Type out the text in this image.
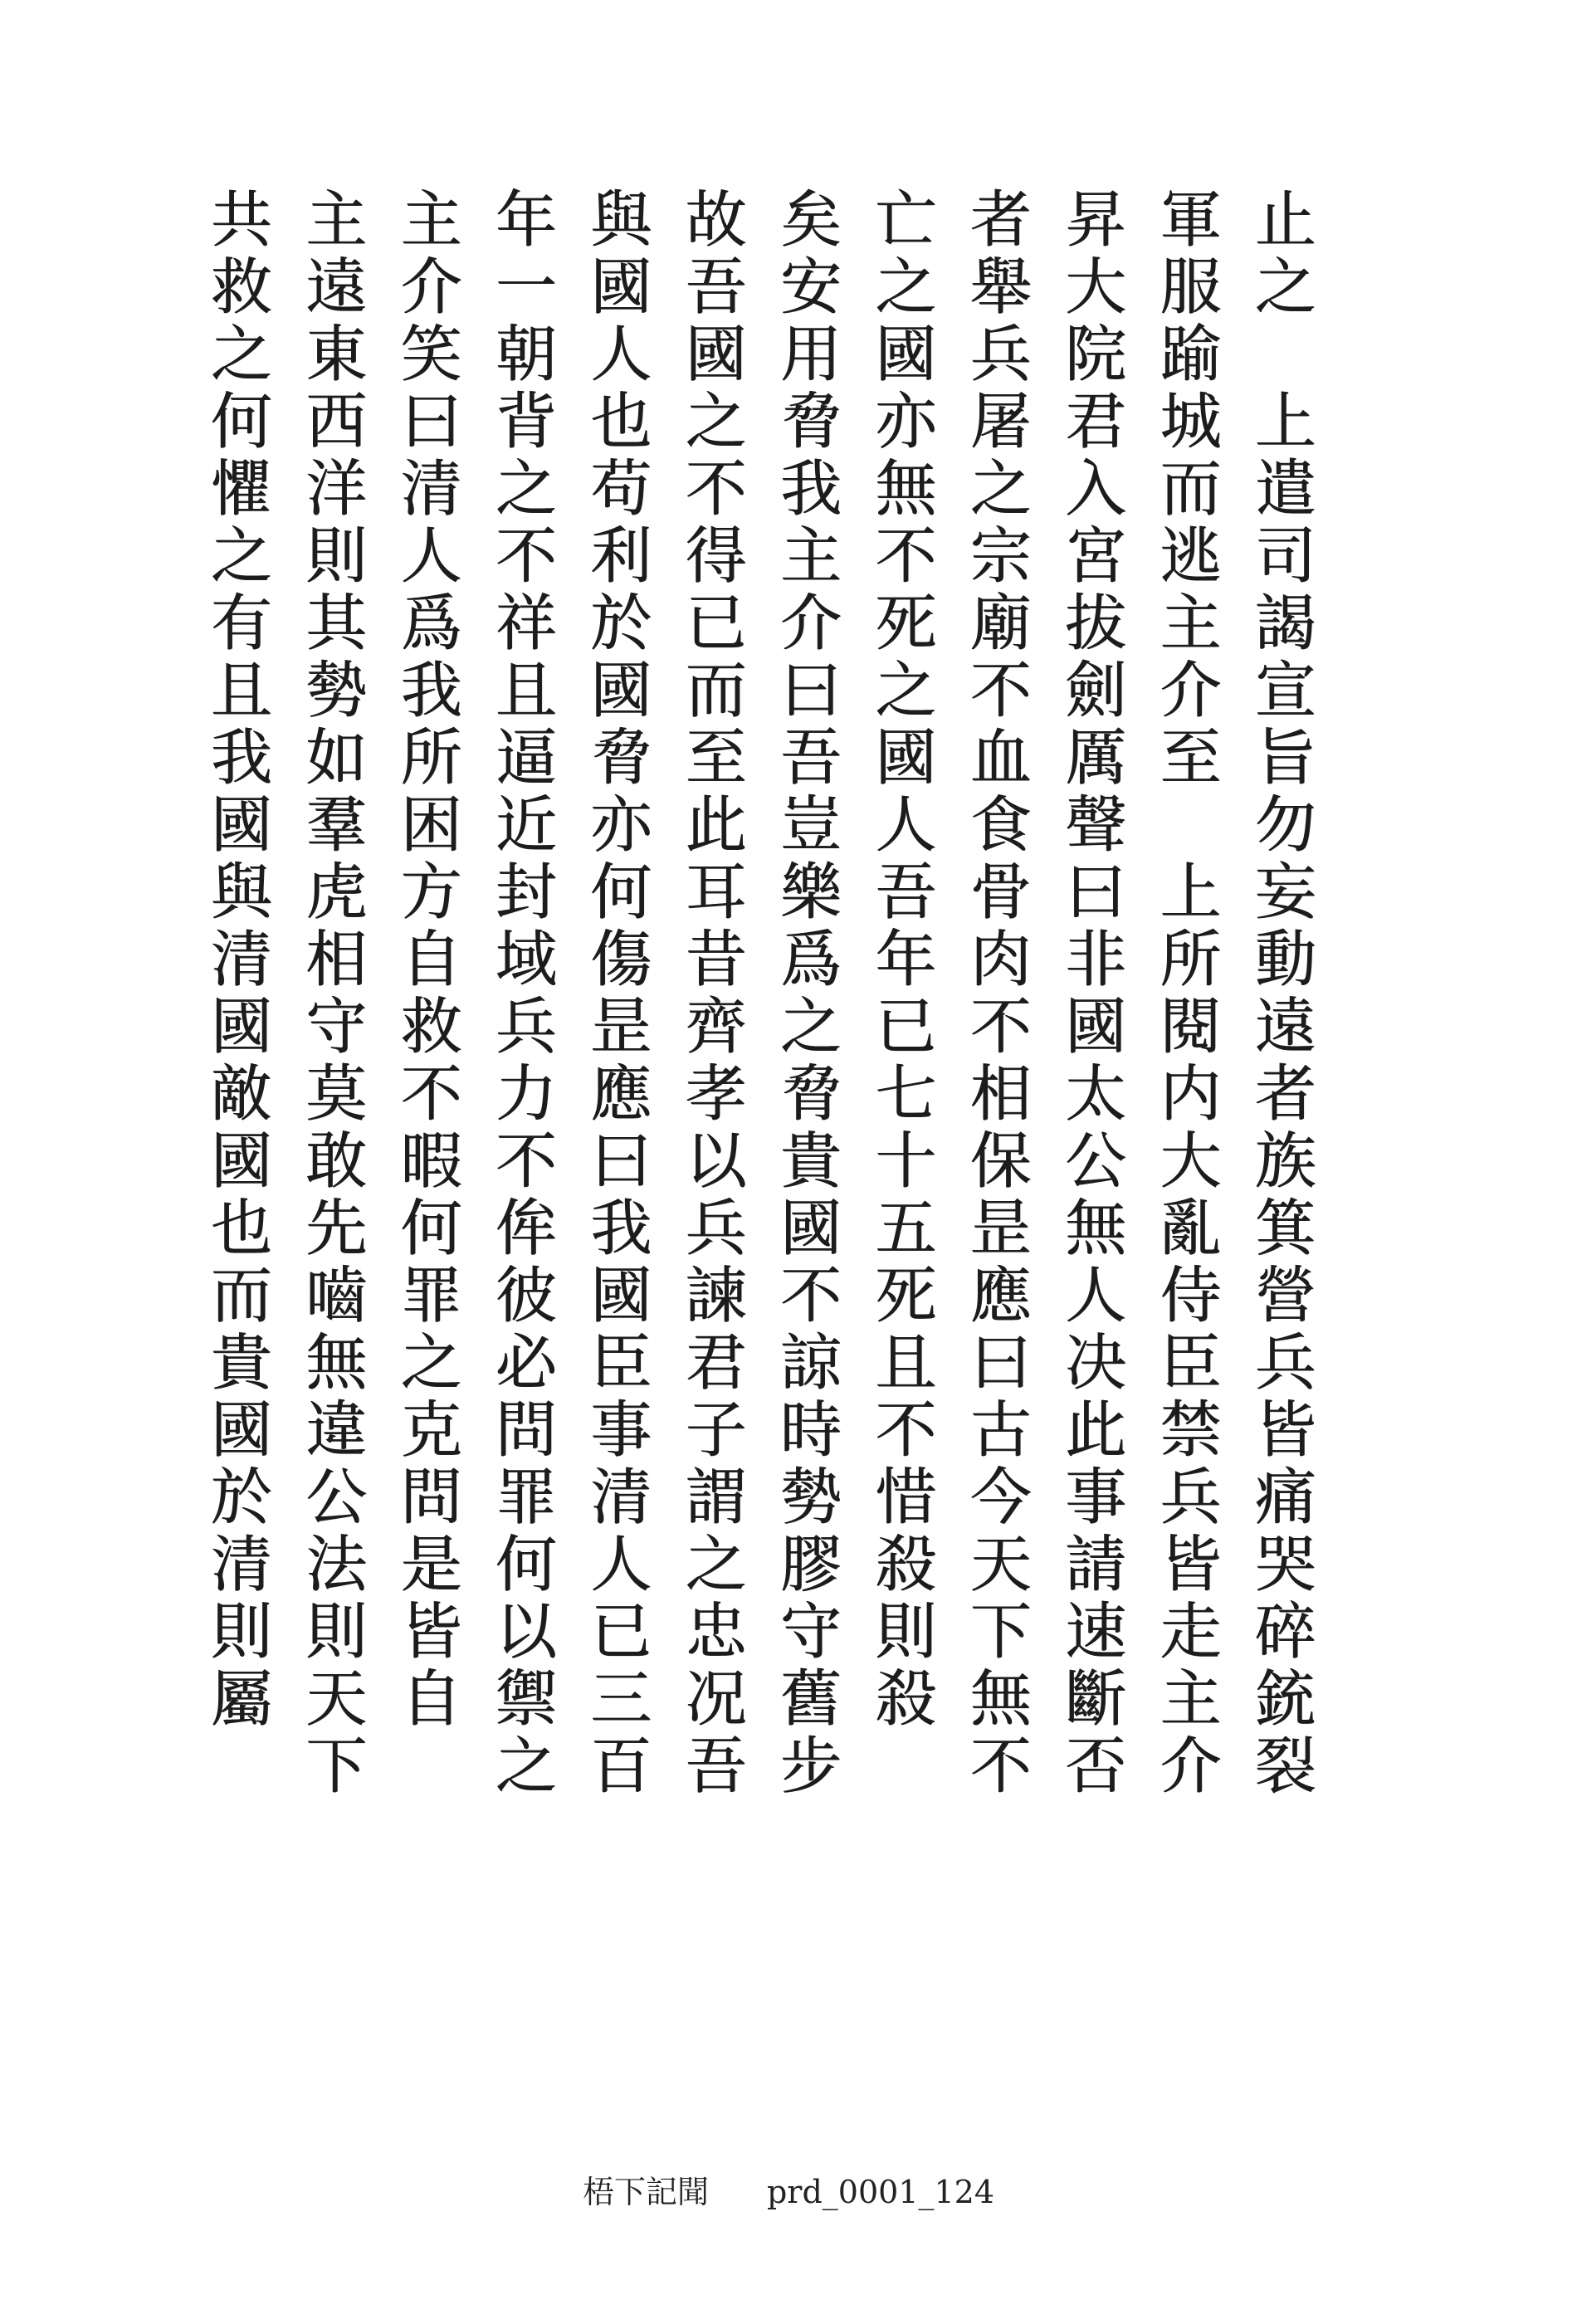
止之　上遣司謁宣旨勿妄動遠者族箕營兵皆痛哭碎銃裂
軍服踰城而逃主介至　上所閱内大亂侍臣禁兵皆走主介
昇大院君入宮拔劍厲聲曰非國太公無人决此事請速斷否
者舉兵屠之宗廟不血食骨肉不相保昰應曰古今天下無不
亡之國亦無不死之國人吾年已七十五死且不惜殺則殺
矣安用脅我主介曰吾豈樂爲之脅貴國不諒時勢膠守舊步
故吾國之不得已而至此耳昔齊孝以兵諫君子謂之忠况吾
與國人也苟利於國脅亦何傷昰應曰我國臣事清人已三百
年一朝背之不祥且逼近封域兵力不侔彼必問罪何以禦之
主介笑曰清人爲我所困方自救不暇何罪之克問是皆自
主遠東西洋則其勢如羣虎相守莫敢先嚙無違公法則天下
共救之何懼之有且我國與清國敵國也而貴國於清則屬
梧下記聞 prd_0001_124
